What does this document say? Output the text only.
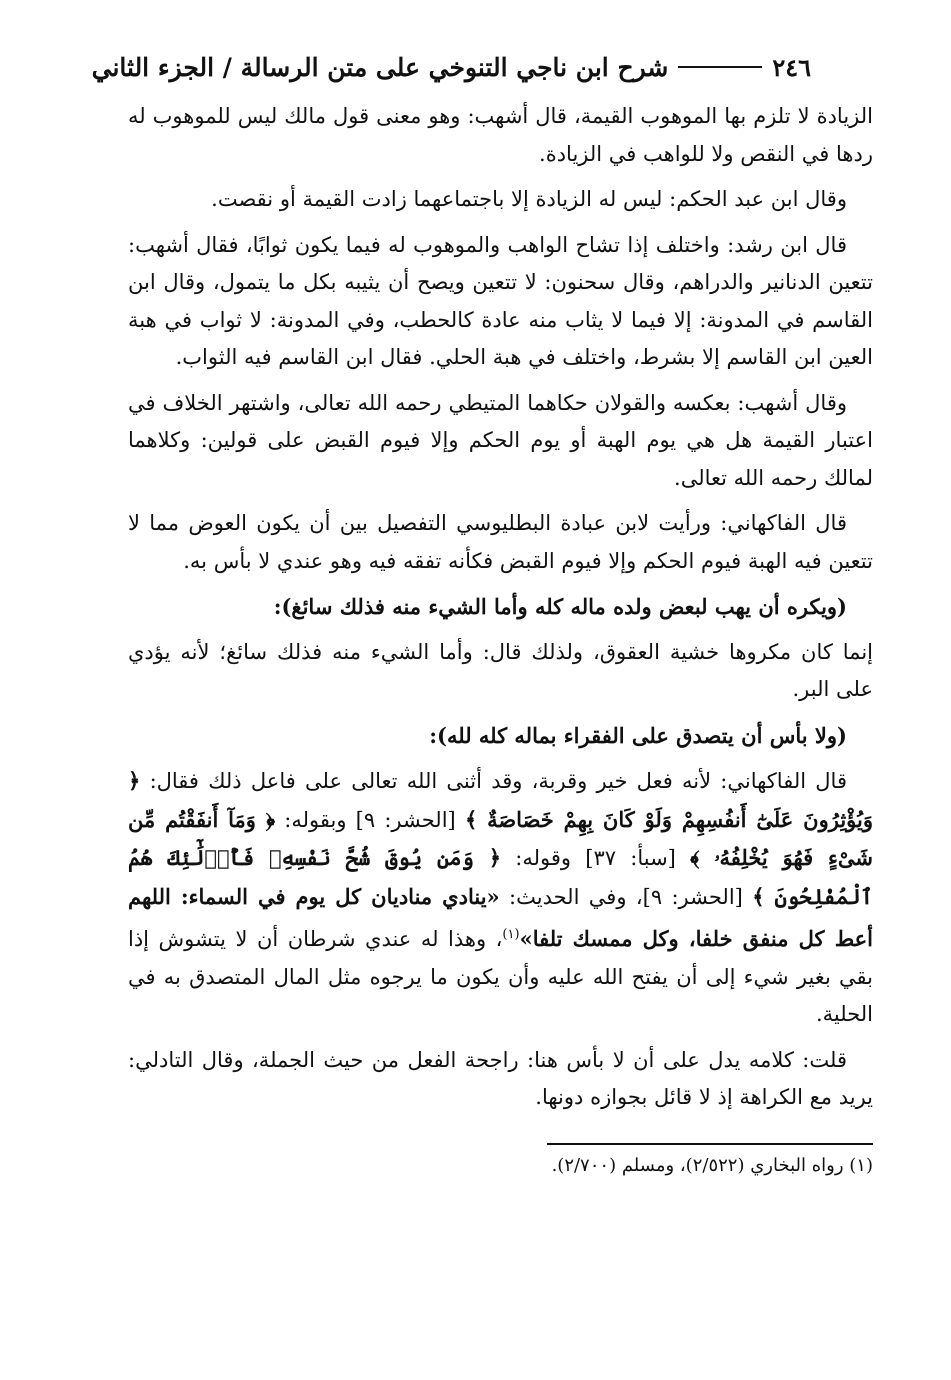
٢٤٦
شرح ابن ناجي التنوخي على متن الرسالة / الجزء الثاني

الزيادة لا تلزم بها الموهوب القيمة، قال أشهب: وهو معنى قول مالك ليس للموهوب له ردها في النقص ولا للواهب في الزيادة.

وقال ابن عبد الحكم: ليس له الزيادة إلا باجتماعهما زادت القيمة أو نقصت.

قال ابن رشد: واختلف إذا تشاح الواهب والموهوب له فيما يكون ثوابًا، فقال أشهب: تتعين الدنانير والدراهم، وقال سحنون: لا تتعين ويصح أن يثيبه بكل ما يتمول، وقال ابن القاسم في المدونة: إلا فيما لا يثاب منه عادة كالحطب، وفي المدونة: لا ثواب في هبة العين ابن القاسم إلا بشرط، واختلف في هبة الحلي. فقال ابن القاسم فيه الثواب.

وقال أشهب: بعكسه والقولان حكاهما المتيطي رحمه الله تعالى، واشتهر الخلاف في اعتبار القيمة هل هي يوم الهبة أو يوم الحكم وإلا فيوم القبض على قولين: وكلاهما لمالك رحمه الله تعالى.

قال الفاكهاني: ورأيت لابن عبادة البطليوسي التفصيل بين أن يكون العوض مما لا تتعين فيه الهبة فيوم الحكم وإلا فيوم القبض فكأنه تفقه فيه وهو عندي لا بأس به.

(ويكره أن يهب لبعض ولده ماله كله وأما الشيء منه فذلك سائغ):

إنما كان مكروها خشية العقوق، ولذلك قال: وأما الشيء منه فذلك سائغ؛ لأنه يؤدي على البر.

(ولا بأس أن يتصدق على الفقراء بماله كله لله):

قال الفاكهاني: لأنه فعل خير وقربة، وقد أثنى الله تعالى على فاعل ذلك فقال: ﴿ وَيُؤْثِرُونَ عَلَىٰٓ أَنفُسِهِمْ وَلَوْ كَانَ بِهِمْ خَصَاصَةٌ ﴾ [الحشر: ٩] وبقوله: ﴿ وَمَآ أَنفَقْتُم مِّن شَىْءٍ فَهُوَ يُخْلِفُهُۥ ﴾ [سبأ: ٣٧] وقوله: ﴿ وَمَن يُوقَ شُحَّ نَفْسِهِۦ فَأُو۟لَٰٓئِكَ هُمُ ٱلْمُفْلِحُونَ ﴾ [الحشر: ٩]، وفي الحديث: «ينادي مناديان كل يوم في السماء: اللهم أعط كل منفق خلفا، وكل ممسك تلفا»$^{(١)}$، وهذا له عندي شرطان أن لا يتشوش إذا بقي بغير شيء إلى أن يفتح الله عليه وأن يكون ما يرجوه مثل المال المتصدق به في الحلية.

قلت: كلامه يدل على أن لا بأس هنا: راجحة الفعل من حيث الجملة، وقال التادلي: يريد مع الكراهة إذ لا قائل بجوازه دونها.

(١) رواه البخاري (٢/٥٢٢)، ومسلم (٢/٧٠٠).
